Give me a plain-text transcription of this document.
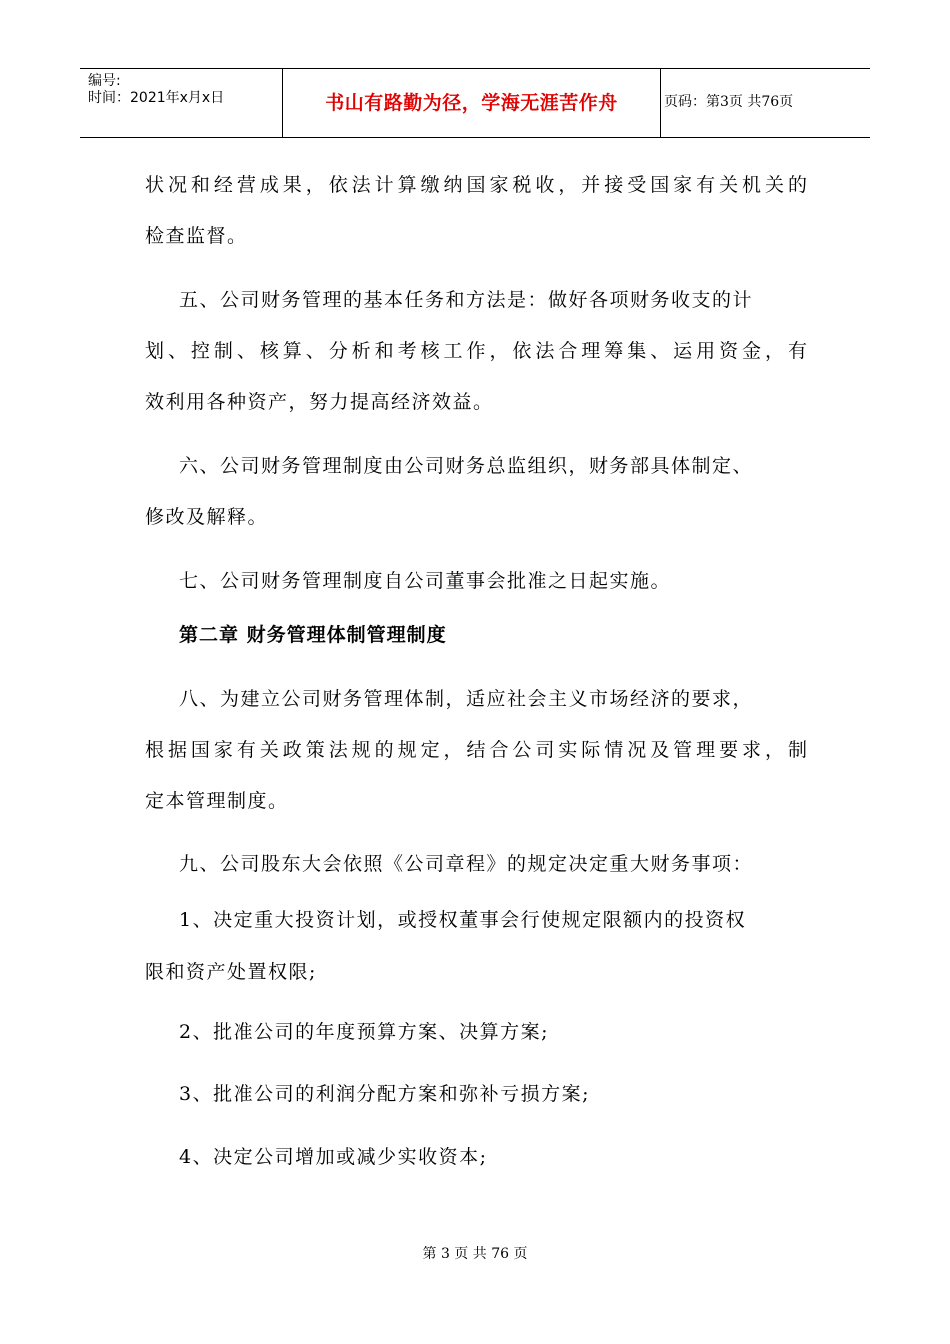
编号:
时间：2021年x月x日	书山有路勤为径，学海无涯苦作舟	页码：第3页 共76页
状况和经营成果，依法计算缴纳国家税收，并接受国家有关机关的
检查监督。
五、公司财务管理的基本任务和方法是：做好各项财务收支的计
划、控制、核算、分析和考核工作，依法合理筹集、运用资金，有
效利用各种资产，努力提高经济效益。
六、公司财务管理制度由公司财务总监组织，财务部具体制定、
修改及解释。
七、公司财务管理制度自公司董事会批准之日起实施。
第二章 财务管理体制管理制度
八、为建立公司财务管理体制，适应社会主义市场经济的要求，
根据国家有关政策法规的规定，结合公司实际情况及管理要求，制
定本管理制度。
九、公司股东大会依照《公司章程》的规定决定重大财务事项：
1、决定重大投资计划，或授权董事会行使规定限额内的投资权
限和资产处置权限;
2、批准公司的年度预算方案、决算方案;
3、批准公司的利润分配方案和弥补亏损方案;
4、决定公司增加或减少实收资本;
第 3 页 共 76 页
